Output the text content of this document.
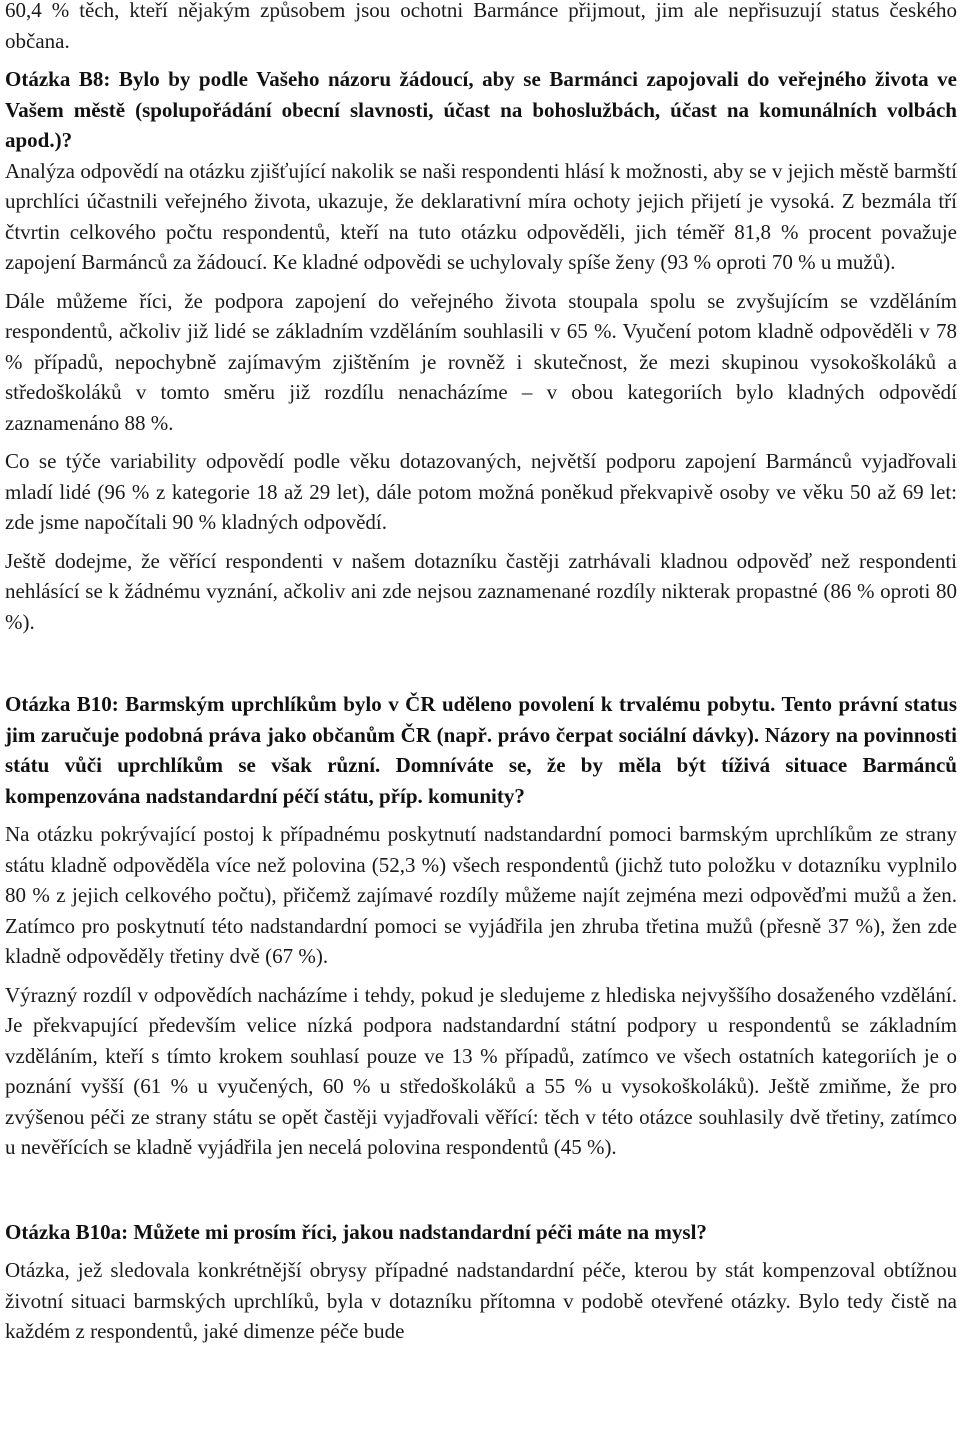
60,4 % těch, kteří nějakým způsobem jsou ochotni Barmánce přijmout, jim ale nepřisuzují status českého občana.

Otázka B8: Bylo by podle Vašeho názoru žádoucí, aby se Barmánci zapojovali do veřejného života ve Vašem městě (spolupořádání obecní slavnosti, účast na bohoslužbách, účast na komunálních volbách apod.)?

Analýza odpovědí na otázku zjišťující nakolik se naši respondenti hlásí k možnosti, aby se v jejich městě barmští uprchlíci účastnili veřejného života, ukazuje, že deklarativní míra ochoty jejich přijetí je vysoká. Z bezmála tří čtvrtin celkového počtu respondentů, kteří na tuto otázku odpověděli, jich téměř 81,8 % procent považuje zapojení Barmánců za žádoucí. Ke kladné odpovědi se uchylovaly spíše ženy (93 % oproti 70 % u mužů).

Dále můžeme říci, že podpora zapojení do veřejného života stoupala spolu se zvyšujícím se vzděláním respondentů, ačkoliv již lidé se základním vzděláním souhlasili v 65 %. Vyučení potom kladně odpověděli v 78 % případů, nepochybně zajímavým zjištěním je rovněž i skutečnost, že mezi skupinou vysokoškoláků a středoškoláků v tomto směru již rozdílu nenacházíme – v obou kategoriích bylo kladných odpovědí zaznamenáno 88 %.

Co se týče variability odpovědí podle věku dotazovaných, největší podporu zapojení Barmánců vyjadřovali mladí lidé (96 % z kategorie 18 až 29 let), dále potom možná poněkud překvapivě osoby ve věku 50 až 69 let: zde jsme napočítali 90 % kladných odpovědí.

Ještě dodejme, že věřící respondenti v našem dotazníku častěji zatrhávali kladnou odpověď než respondenti nehlásící se k žádnému vyznání, ačkoliv ani zde nejsou zaznamenané rozdíly nikterak propastné (86 % oproti 80 %).

Otázka B10: Barmským uprchlíkům bylo v ČR uděleno povolení k trvalému pobytu. Tento právní status jim zaručuje podobná práva jako občanům ČR (např. právo čerpat sociální dávky). Názory na povinnosti státu vůči uprchlíkům se však různí. Domníváte se, že by měla být tíživá situace Barmánců kompenzována nadstandardní péčí státu, příp. komunity?

Na otázku pokrývající postoj k případnému poskytnutí nadstandardní pomoci barmským uprchlíkům ze strany státu kladně odpověděla více než polovina (52,3 %) všech respondentů (jichž tuto položku v dotazníku vyplnilo 80 % z jejich celkového počtu), přičemž zajímavé rozdíly můžeme najít zejména mezi odpověďmi mužů a žen. Zatímco pro poskytnutí této nadstandardní pomoci se vyjádřila jen zhruba třetina mužů (přesně 37 %), žen zde kladně odpověděly třetiny dvě (67 %).

Výrazný rozdíl v odpovědích nacházíme i tehdy, pokud je sledujeme z hlediska nejvyššího dosaženého vzdělání. Je překvapující především velice nízká podpora nadstandardní státní podpory u respondentů se základním vzděláním, kteří s tímto krokem souhlasí pouze ve 13 % případů, zatímco ve všech ostatních kategoriích je o poznání vyšší (61 % u vyučených, 60 % u středoškoláků a 55 % u vysokoškoláků). Ještě zmiňme, že pro zvýšenou péči ze strany státu se opět častěji vyjadřovali věřící: těch v této otázce souhlasily dvě třetiny, zatímco u nevěřících se kladně vyjádřila jen necelá polovina respondentů (45 %).

Otázka B10a: Můžete mi prosím říci, jakou nadstandardní péči máte na mysl?

Otázka, jež sledovala konkrétnější obrysy případné nadstandardní péče, kterou by stát kompenzoval obtížnou životní situaci barmských uprchlíků, byla v dotazníku přítomna v podobě otevřené otázky. Bylo tedy čistě na každém z respondentů, jaké dimenze péče bude
